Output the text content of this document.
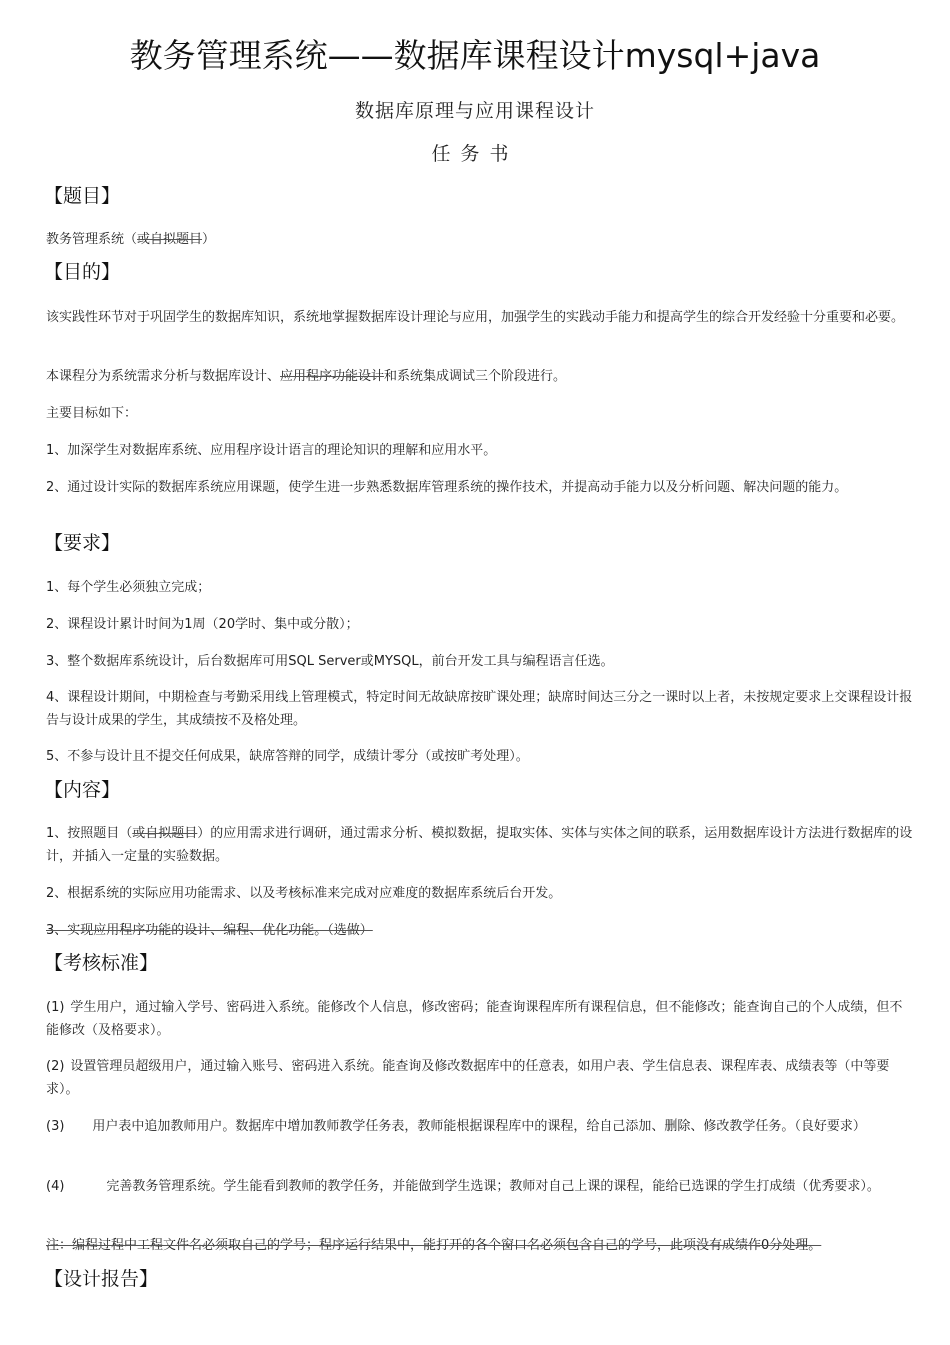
教务管理系统——数据库课程设计mysql+java
数据库原理与应用课程设计
任务书
【题目】
教务管理系统（或自拟题目）
【目的】
该实践性环节对于巩固学生的数据库知识，系统地掌握数据库设计理论与应用，加强学生的实践动手能力和提高学生的综合开发经验十分重要和必要。
本课程分为系统需求分析与数据库设计、应用程序功能设计和系统集成调试三个阶段进行。
主要目标如下：
1、加深学生对数据库系统、应用程序设计语言的理论知识的理解和应用水平。
2、通过设计实际的数据库系统应用课题，使学生进一步熟悉数据库管理系统的操作技术，并提高动手能力以及分析问题、解决问题的能力。
【要求】
1、每个学生必须独立完成；
2、课程设计累计时间为1周（20学时、集中或分散）；
3、整个数据库系统设计，后台数据库可用SQL Server或MYSQL，前台开发工具与编程语言任选。
4、课程设计期间，中期检查与考勤采用线上管理模式，特定时间无故缺席按旷课处理；缺席时间达三分之一课时以上者，未按规定要求上交课程设计报告与设计成果的学生，其成绩按不及格处理。
5、不参与设计且不提交任何成果，缺席答辩的同学，成绩计零分（或按旷考处理）。
【内容】
1、按照题目（或自拟题目）的应用需求进行调研，通过需求分析、模拟数据，提取实体、实体与实体之间的联系，运用数据库设计方法进行数据库的设计，并插入一定量的实验数据。
2、根据系统的实际应用功能需求、以及考核标准来完成对应难度的数据库系统后台开发。
3、实现应用程序功能的设计、编程、优化功能。（选做）
【考核标准】
(1) 学生用户，通过输入学号、密码进入系统。能修改个人信息，修改密码；能查询课程库所有课程信息，但不能修改；能查询自己的个人成绩，但不能修改（及格要求）。
(2) 设置管理员超级用户，通过输入账号、密码进入系统。能查询及修改数据库中的任意表，如用户表、学生信息表、课程库表、成绩表等（中等要求）。
(3) 用户表中追加教师用户。数据库中增加教师教学任务表，教师能根据课程库中的课程，给自己添加、删除、修改教学任务。（良好要求）
(4)	完善教务管理系统。学生能看到教师的教学任务，并能做到学生选课；教师对自己上课的课程，能给已选课的学生打成绩（优秀要求）。
注：编程过程中工程文件名必须取自己的学号；程序运行结果中，能打开的各个窗口名必须包含自己的学号，此项没有成绩作0分处理。
【设计报告】
